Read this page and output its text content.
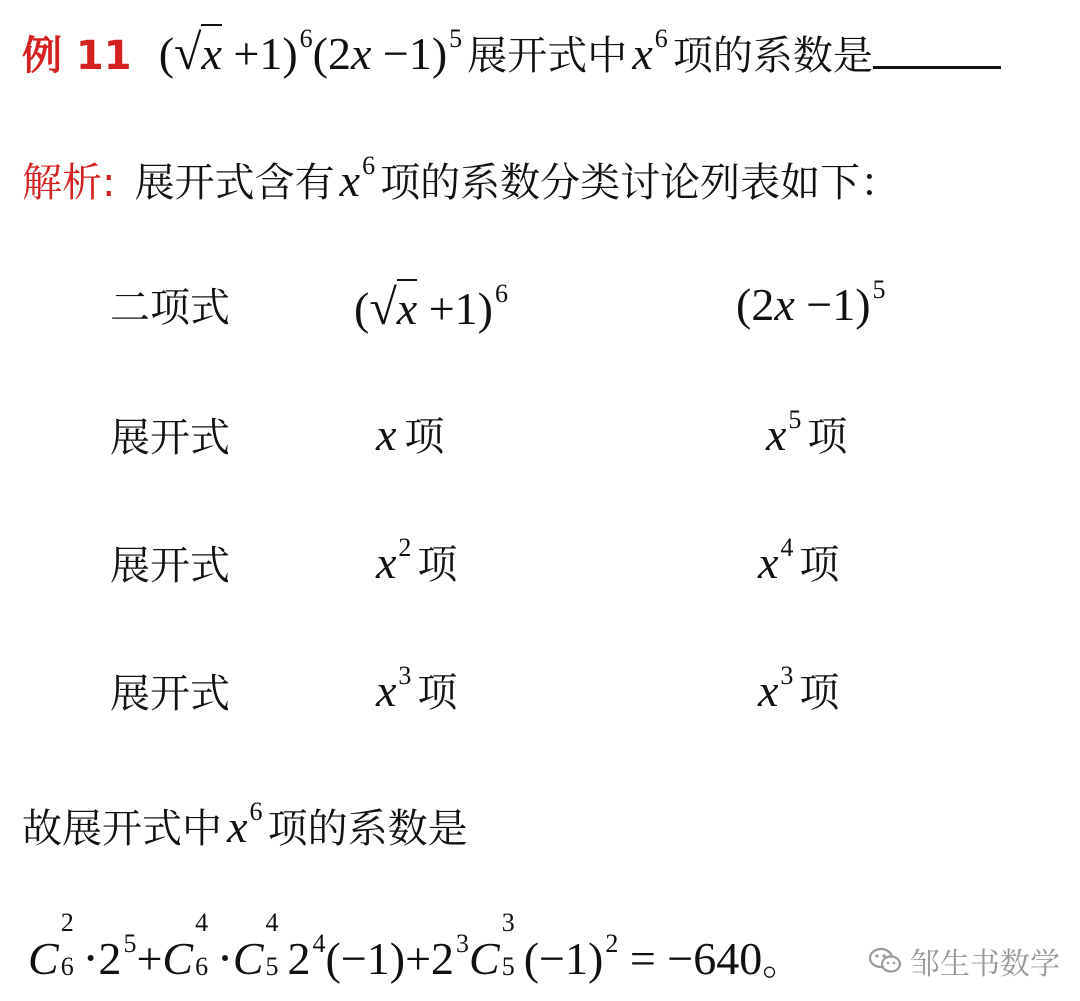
例 11 $(√x +1)^6(2x -1)^5$ 展开式中 $x^6$ 项的系数是
解析: 展开式含有 $x^6$ 项的系数分类讨论列表如下：
二项式	$(√x +1)^6$	$(2x -1)^5$
展开式	x 项	$x^5$ 项
展开式	$x^2$ 项	$x^4$ 项
展开式	$x^3$ 项	$x^3$ 项
故展开式中 $x^6$ 项的系数是
C
2
$6 \cdot 2^5+C$
4
6 ⋅C
4
5 $2^4(-1)+2^3C$
3
5 $(-1)^2 = -640$。	邹生书数学
